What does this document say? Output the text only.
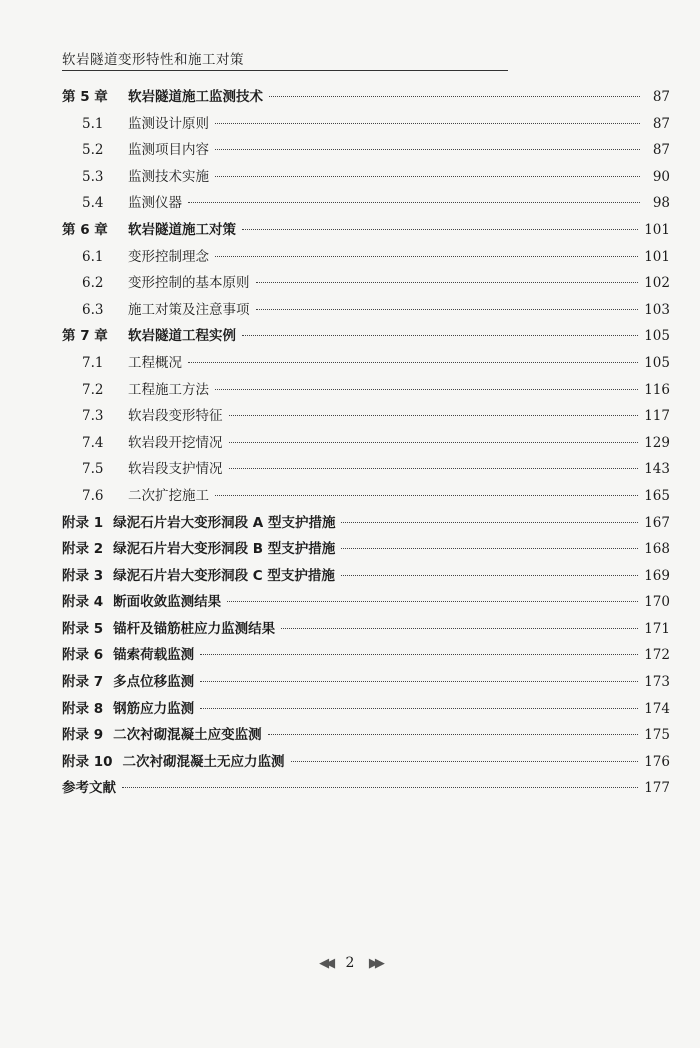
软岩隧道变形特性和施工对策
第 5 章	软岩隧道施工监测技术	87
5.1	监测设计原则	87
5.2	监测项目内容	87
5.3	监测技术实施	90
5.4	监测仪器	98
第 6 章	软岩隧道施工对策	101
6.1	变形控制理念	101
6.2	变形控制的基本原则	102
6.3	施工对策及注意事项	103
第 7 章	软岩隧道工程实例	105
7.1	工程概况	105
7.2	工程施工方法	116
7.3	软岩段变形特征	117
7.4	软岩段开挖情况	129
7.5	软岩段支护情况	143
7.6	二次扩挖施工	165
附录 1 绿泥石片岩大变形洞段 A 型支护措施	167
附录 2 绿泥石片岩大变形洞段 B 型支护措施	168
附录 3 绿泥石片岩大变形洞段 C 型支护措施	169
附录 4 断面收敛监测结果	170
附录 5 锚杆及锚筋桩应力监测结果	171
附录 6 锚索荷载监测	172
附录 7 多点位移监测	173
附录 8 钢筋应力监测	174
附录 9 二次衬砌混凝土应变监测	175
附录 10 二次衬砌混凝土无应力监测	176
参考文献	177
◀◀ 2 ▶▶
